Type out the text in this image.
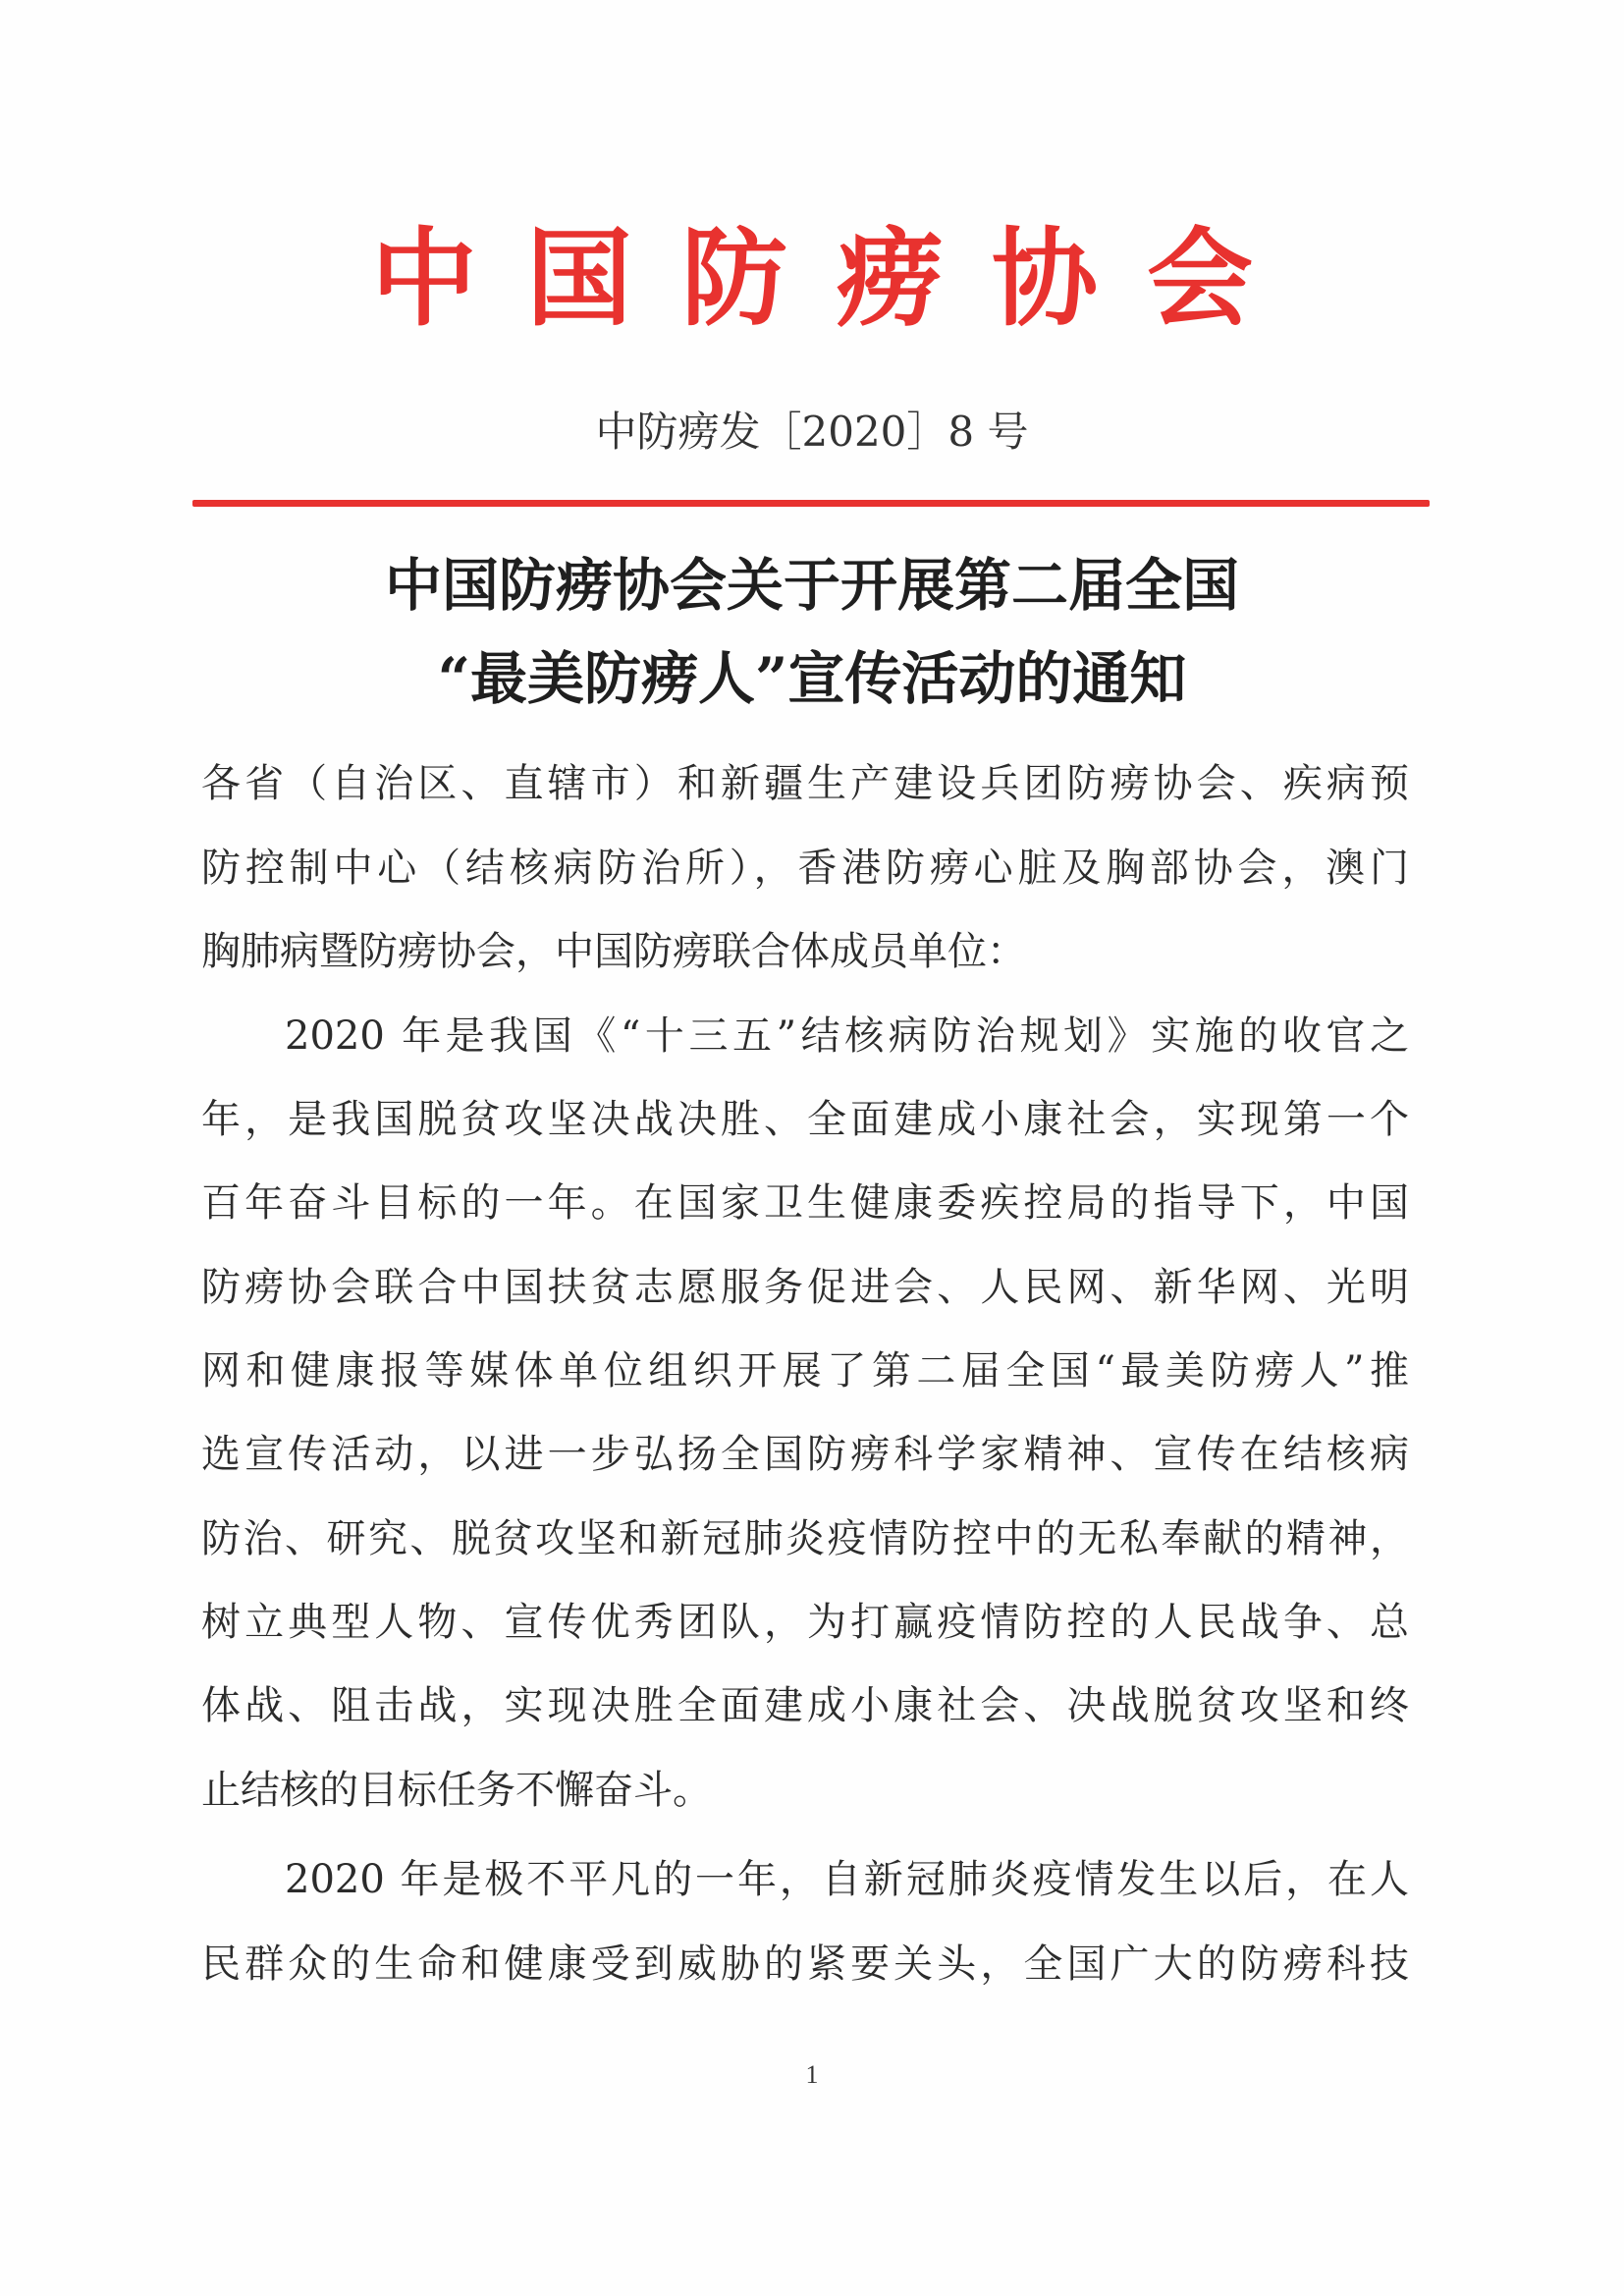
中国防痨协会
中防痨发［2020］8 号
中国防痨协会关于开展第二届全国
“最美防痨人”宣传活动的通知
各省（自治区、直辖市）和新疆生产建设兵团防痨协会、疾病预
防控制中心（结核病防治所），香港防痨心脏及胸部协会，澳门
胸肺病暨防痨协会，中国防痨联合体成员单位：
2020 年是我国《“十三五”结核病防治规划》实施的收官之
年，是我国脱贫攻坚决战决胜、全面建成小康社会，实现第一个
百年奋斗目标的一年。在国家卫生健康委疾控局的指导下，中国
防痨协会联合中国扶贫志愿服务促进会、人民网、新华网、光明
网和健康报等媒体单位组织开展了第二届全国“最美防痨人”推
选宣传活动，以进一步弘扬全国防痨科学家精神、宣传在结核病
防治、研究、脱贫攻坚和新冠肺炎疫情防控中的无私奉献的精神，
树立典型人物、宣传优秀团队，为打赢疫情防控的人民战争、总
体战、阻击战，实现决胜全面建成小康社会、决战脱贫攻坚和终
止结核的目标任务不懈奋斗。
2020 年是极不平凡的一年，自新冠肺炎疫情发生以后，在人
民群众的生命和健康受到威胁的紧要关头，全国广大的防痨科技
1
